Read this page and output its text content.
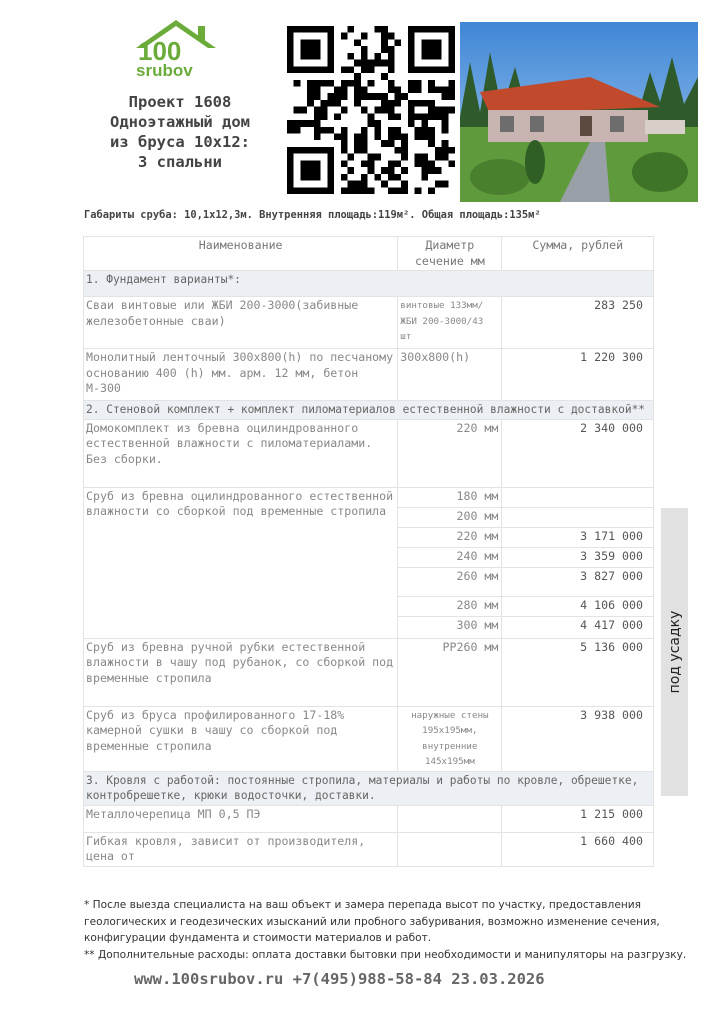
100
srubov
Проект 1608
Одноэтажный дом
из бруса 10х12:
3 спальни
Габариты сруба: 10,1х12,3м. Внутренняя площадь:119м². Общая площадь:135м²
Наименование	Диаметр сечение мм	Сумма, рублей
1. Фундамент варианты*:		
Сваи винтовые или ЖБИ 200-3000(забивные железобетонные сваи)	винтовые 133мм/ЖБИ 200-3000/43 шт	283 250
Монолитный ленточный 300х800(h) по песчаному основанию 400 (h) мм. арм. 12 мм, бетон М-300	300х800(h)	1 220 300
2. Стеновой комплект + комплект пиломатериалов естественной влажности с доставкой**		
Домокомплект из бревна оцилиндрованного естественной влажности с пиломатериалами. Без сборки.	220 мм	2 340 000
Сруб из бревна оцилиндрованного естественной влажности со сборкой под временные стропила	180 мм	
	200 мм	
	220 мм	3 171 000
	240 мм	3 359 000
	260 мм	3 827 000
	280 мм	4 106 000
	300 мм	4 417 000
Сруб из бревна ручной рубки естественной влажности в чашу под рубанок, со сборкой под временные стропила	РР260 мм	5 136 000
Сруб из бруса профилированного 17-18% камерной сушки в чашу со сборкой под временные стропила	наружные стены 195х195мм, внутренние 145х195мм	3 938 000
3. Кровля с работой: постоянные стропила, материалы и работы по кровле, обрешетке, контробрешетке, крюки водосточки, доставки.		
Металлочерепица МП 0,5 ПЭ		1 215 000
Гибкая кровля, зависит от производителя, цена от		1 660 400
под усадку

* После выезда специалиста на ваш объект и замера перепада высот по участку, предоставления геологических и геодезических изысканий или пробного забуривания, возможно изменение сечения, конфигурации фундамента и стоимости материалов и работ.

** Дополнительные расходы: оплата доставки бытовки при необходимости и манипуляторы на разгрузку.

www.100srubov.ru +7(495)988-58-84 23.03.2026
